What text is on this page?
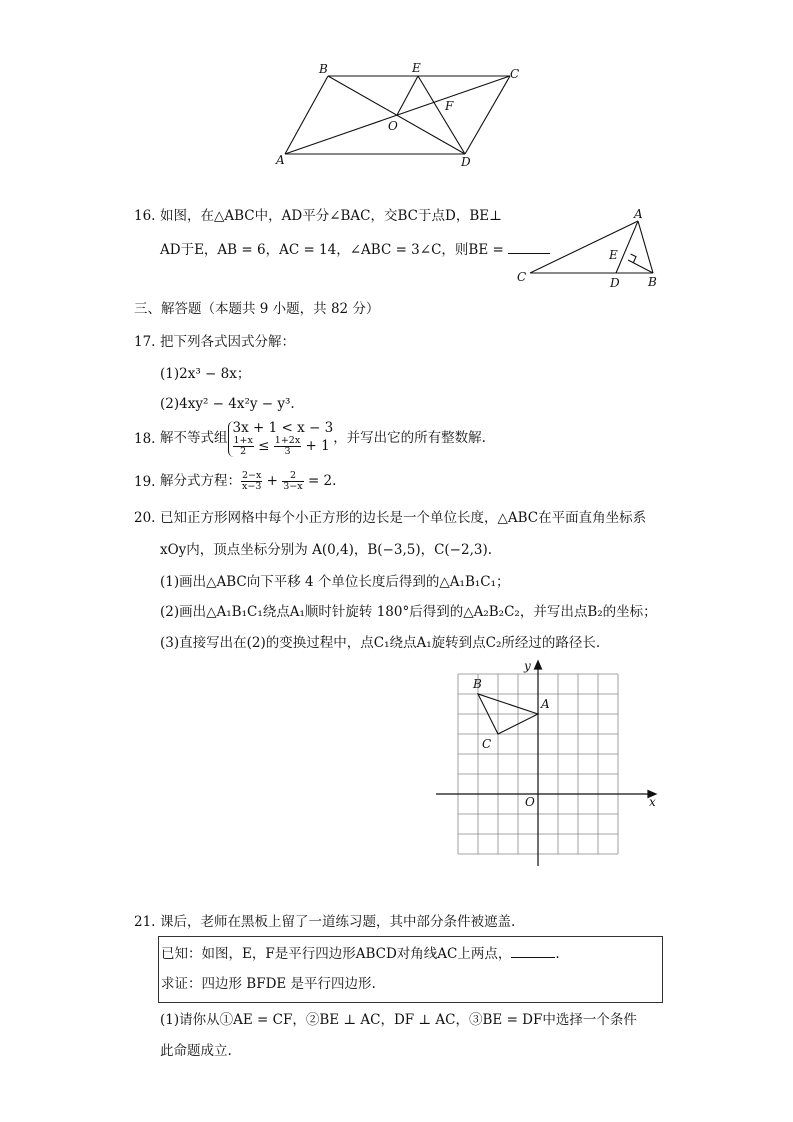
B	E	C
O
F
A	D
16. 如图，在△ABC中，AD平分∠BAC，交BC于点D，BE⊥
AD于E，AB = 6，AC = 14，∠ABC = 3∠C，则BE =
A
E
C	D B
三、解答题（本题共 9 小题，共 82 分）
17. 把下列各式因式分解：
(1)2x³ − 8x；
(2)4xy² − 4x²y − y³.
18. 解不等式组
3x + 1 < x − 3
$\frac{1+x}{2} \le \frac{1+2x}{3} + 1$ ，并写出它的所有整数解.
19. 解分式方程： $\frac{2-x}{x-3} + \frac{2}{3-x} = 2$.
20. 已知正方形网格中每个小正方形的边长是一个单位长度，△ABC在平面直角坐标系
xOy内，顶点坐标分别为 A(0,4)，B(−3,5)，C(−2,3).
(1)画出△ABC向下平移 4 个单位长度后得到的△A₁B₁C₁；
(2)画出△A₁B₁C₁绕点A₁顺时针旋转 180°后得到的△A₂B₂C₂，并写出点B₂的坐标；
(3)直接写出在(2)的变换过程中，点C₁绕点A₁旋转到点C₂所经过的路径长.
y
x
O
A
B
C
21. 课后，老师在黑板上留了一道练习题，其中部分条件被遮盖.
已知：如图，E，F是平行四边形ABCD对角线AC上两点，	.
求证：四边形 BFDE 是平行四边形.
(1)请你从①AE = CF，②BE ⊥ AC，DF ⊥ AC，③BE = DF中选择一个条件
此命题成立.
